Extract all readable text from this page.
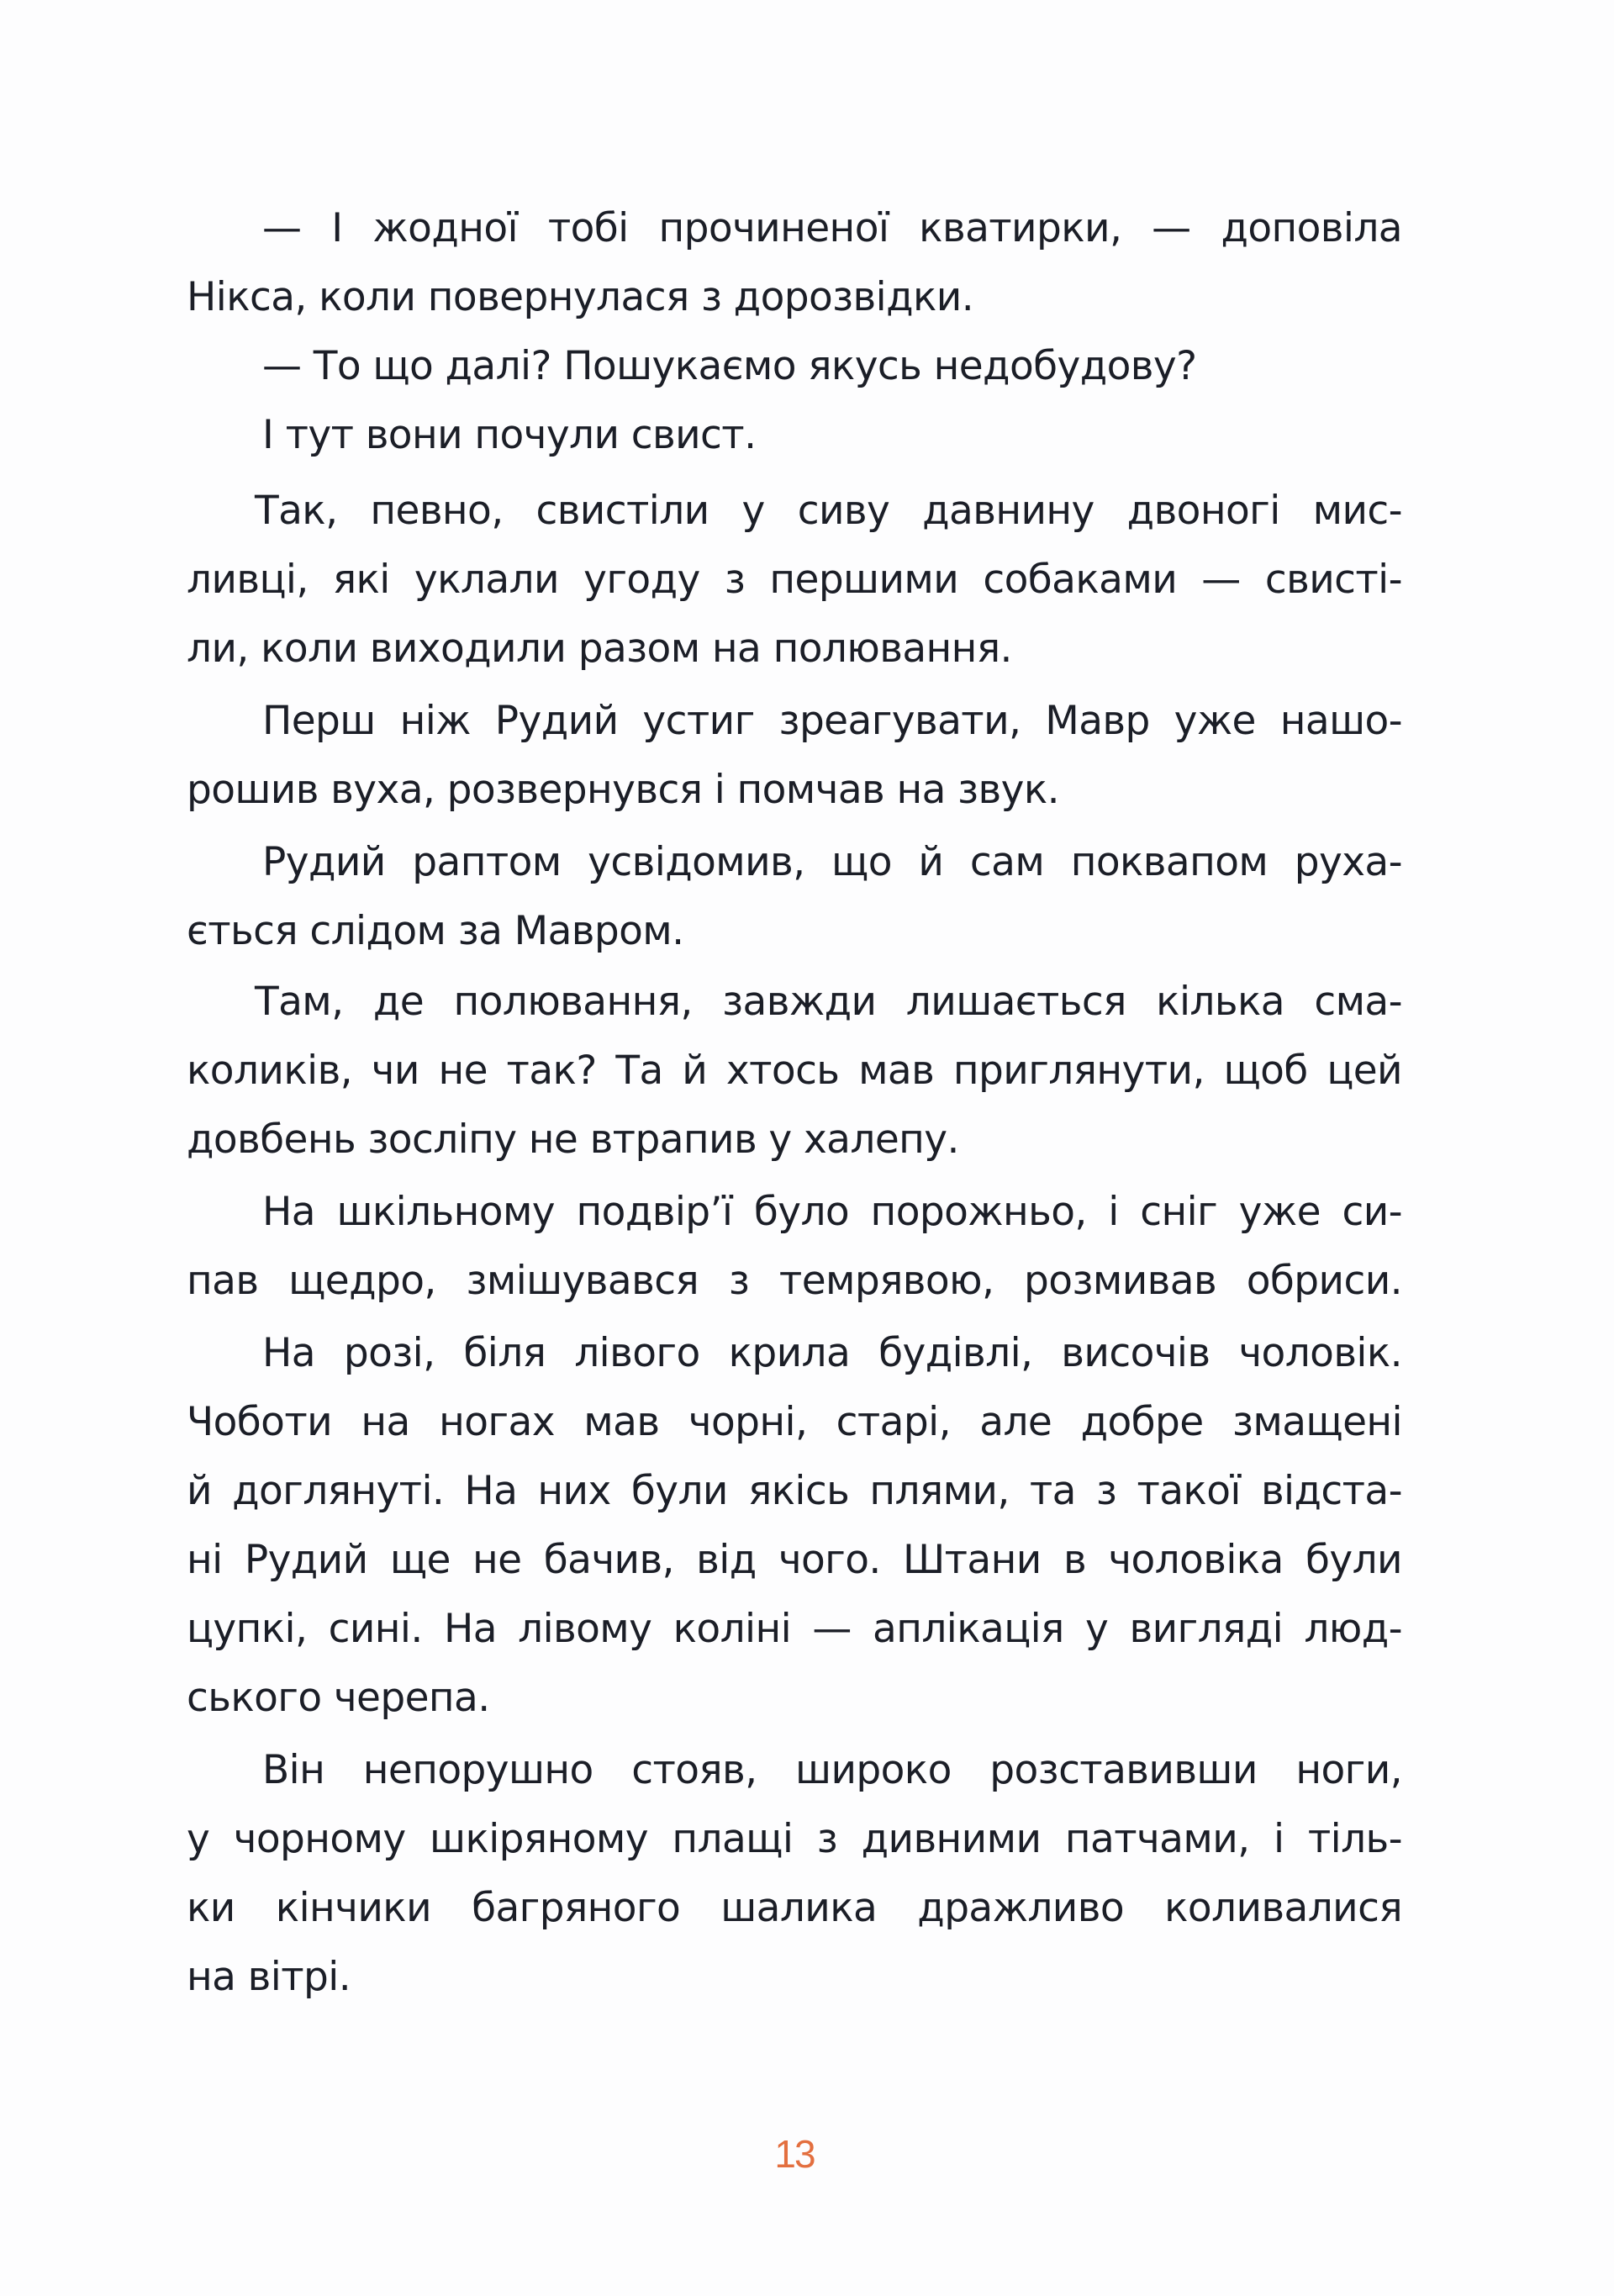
— І жодної тобі прочиненої кватирки, — доповіла
Нікса, коли повернулася з дорозвідки.
— То що далі? Пошукаємо якусь недобудову?
І тут вони почули свист.
Так, певно, свистіли у сиву давнину двоногі мис-
ливці, які уклали угоду з першими собаками — свисті-
ли, коли виходили разом на полювання.
Перш ніж Рудий устиг зреагувати, Мавр уже нашо-
рошив вуха, розвернувся і помчав на звук.
Рудий раптом усвідомив, що й сам поквапом руха-
ється слідом за Мавром.
Там, де полювання, завжди лишається кілька сма-
коликів, чи не так? Та й хтось мав приглянути, щоб цей
довбень зосліпу не втрапив у халепу.
На шкільному подвір’ї було порожньо, і сніг уже си-
пав щедро, змішувався з темрявою, розмивав обриси.
На розі, біля лівого крила будівлі, височів чоловік.
Чоботи на ногах мав чорні, старі, але добре змащені
й доглянуті. На них були якісь плями, та з такої відста-
ні Рудий ще не бачив, від чого. Штани в чоловіка були
цупкі, сині. На лівому коліні — аплікація у вигляді люд-
ського черепа.
Він непорушно стояв, широко розставивши ноги,
у чорному шкіряному плащі з дивними патчами, і тіль-
ки кінчики багряного шалика дражливо коливалися
на вітрі.
13
